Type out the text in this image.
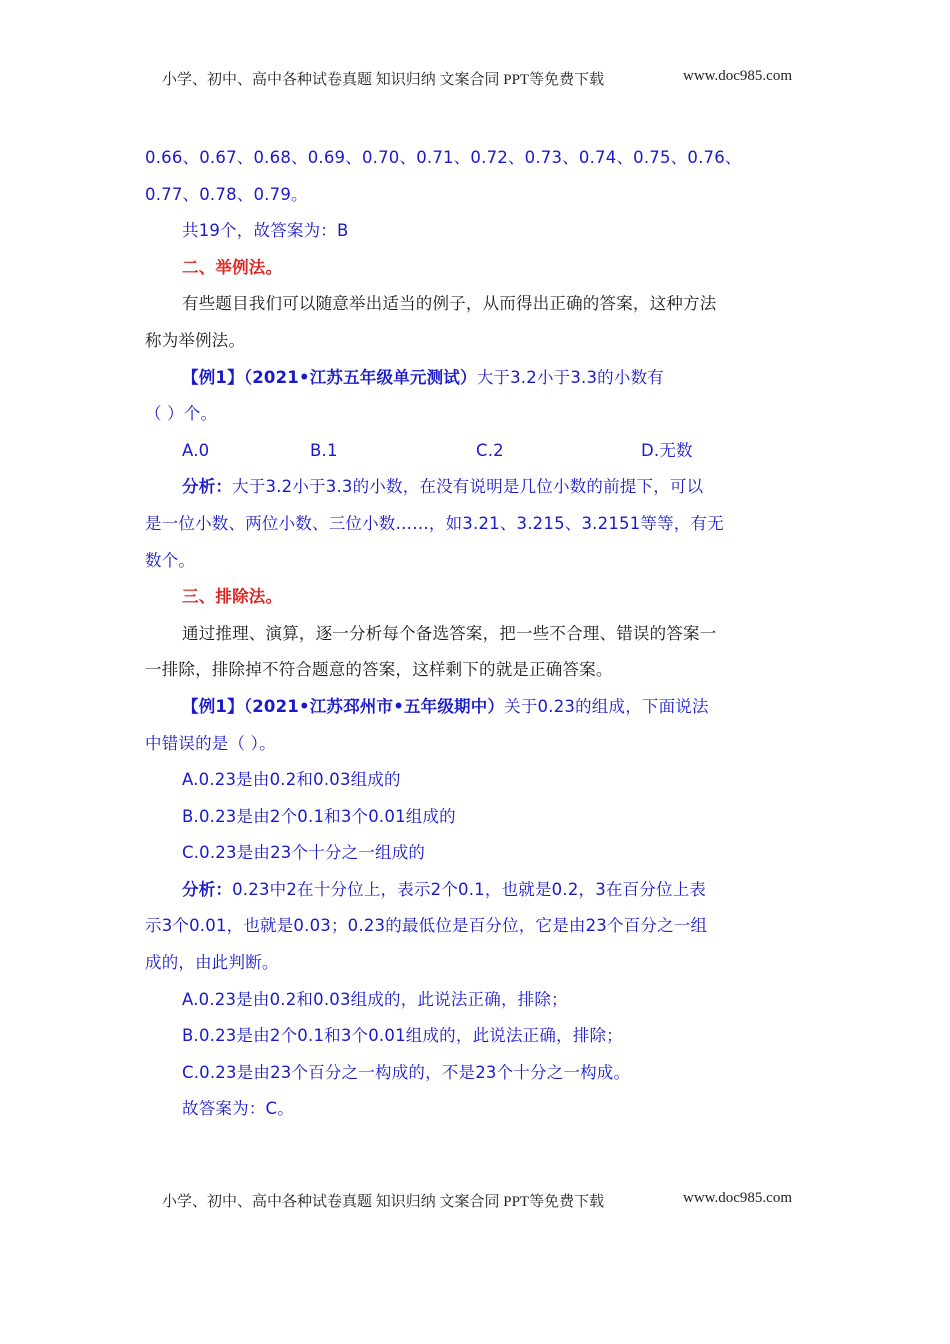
小学、初中、高中各种试卷真题 知识归纳 文案合同 PPT等免费下载	www.doc985.com
0.66、0.67、0.68、0.69、0.70、0.71、0.72、0.73、0.74、0.75、0.76、
0.77、0.78、0.79。
共19个，故答案为：B
二、举例法。
有些题目我们可以随意举出适当的例子，从而得出正确的答案，这种方法
称为举例法。
【例1】（2021•江苏五年级单元测试）大于3.2小于3.3的小数有
（ ）个。
A.0	B.1	C.2	D.无数
分析：大于3.2小于3.3的小数，在没有说明是几位小数的前提下，可以
是一位小数、两位小数、三位小数……，如3.21、3.215、3.2151等等，有无
数个。
三、排除法。
通过推理、演算，逐一分析每个备选答案，把一些不合理、错误的答案一
一排除，排除掉不符合题意的答案，这样剩下的就是正确答案。
【例1】（2021•江苏邳州市•五年级期中）关于0.23的组成，下面说法
中错误的是（ ）。
A.0.23是由0.2和0.03组成的
B.0.23是由2个0.1和3个0.01组成的
C.0.23是由23个十分之一组成的
分析：0.23中2在十分位上，表示2个0.1，也就是0.2，3在百分位上表
示3个0.01，也就是0.03；0.23的最低位是百分位，它是由23个百分之一组
成的，由此判断。
A.0.23是由0.2和0.03组成的，此说法正确，排除；
B.0.23是由2个0.1和3个0.01组成的，此说法正确，排除；
C.0.23是由23个百分之一构成的，不是23个十分之一构成。
故答案为：C。
小学、初中、高中各种试卷真题 知识归纳 文案合同 PPT等免费下载	www.doc985.com
